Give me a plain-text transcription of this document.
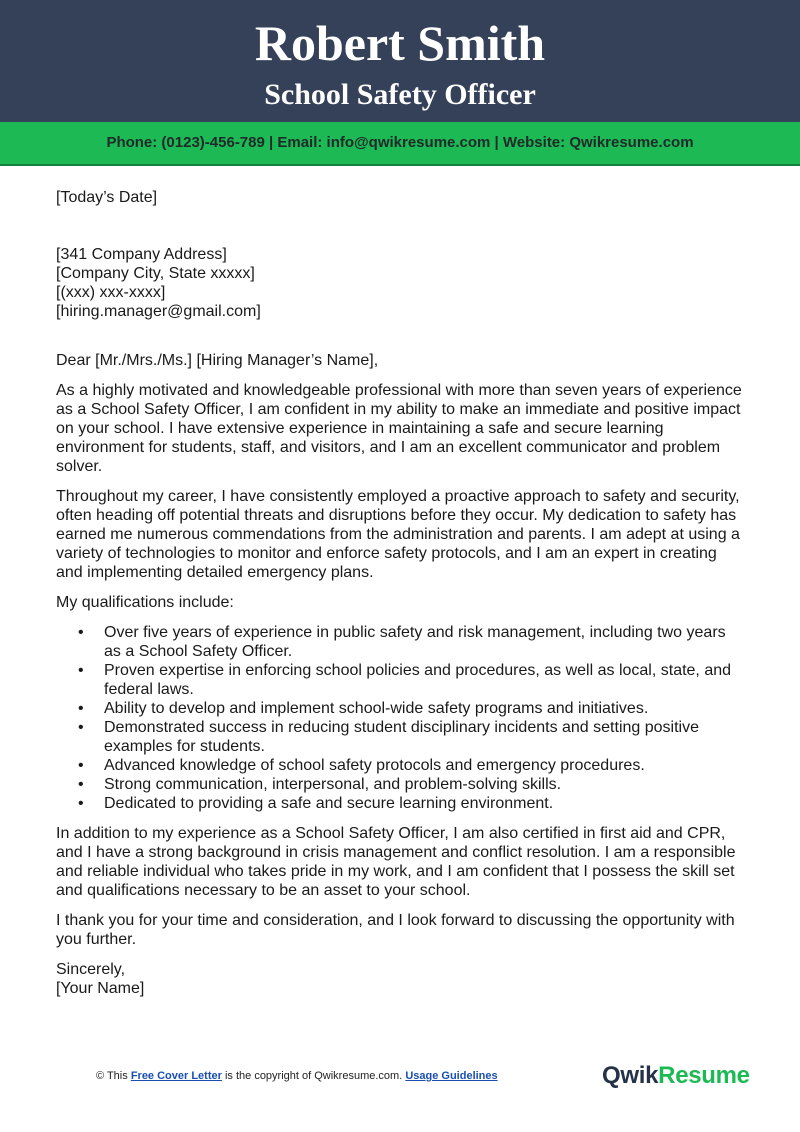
Robert Smith
School Safety Officer
Phone: (0123)-456-789 | Email: info@qwikresume.com | Website: Qwikresume.com

[Today’s Date]

[341 Company Address]

[Company City, State xxxxx]

[(xxx) xxx-xxxx]

[hiring.manager@gmail.com]

Dear [Mr./Mrs./Ms.] [Hiring Manager’s Name],

As a highly motivated and knowledgeable professional with more than seven years of experience as a School Safety Officer, I am confident in my ability to make an immediate and positive impact on your school. I have extensive experience in maintaining a safe and secure learning environment for students, staff, and visitors, and I am an excellent communicator and problem solver.

Throughout my career, I have consistently employed a proactive approach to safety and security, often heading off potential threats and disruptions before they occur. My dedication to safety has earned me numerous commendations from the administration and parents. I am adept at using a variety of technologies to monitor and enforce safety protocols, and I am an expert in creating and implementing detailed emergency plans.

My qualifications include:

• Over five years of experience in public safety and risk management, including two years as a School Safety Officer.
• Proven expertise in enforcing school policies and procedures, as well as local, state, and federal laws.
• Ability to develop and implement school-wide safety programs and initiatives.
• Demonstrated success in reducing student disciplinary incidents and setting positive examples for students.
• Advanced knowledge of school safety protocols and emergency procedures.
• Strong communication, interpersonal, and problem-solving skills.
• Dedicated to providing a safe and secure learning environment.

In addition to my experience as a School Safety Officer, I am also certified in first aid and CPR, and I have a strong background in crisis management and conflict resolution. I am a responsible and reliable individual who takes pride in my work, and I am confident that I possess the skill set and qualifications necessary to be an asset to your school.

I thank you for your time and consideration, and I look forward to discussing the opportunity with you further.

Sincerely,

[Your Name]

© This Free Cover Letter is the copyright of Qwikresume.com. Usage Guidelines	QwikResume
